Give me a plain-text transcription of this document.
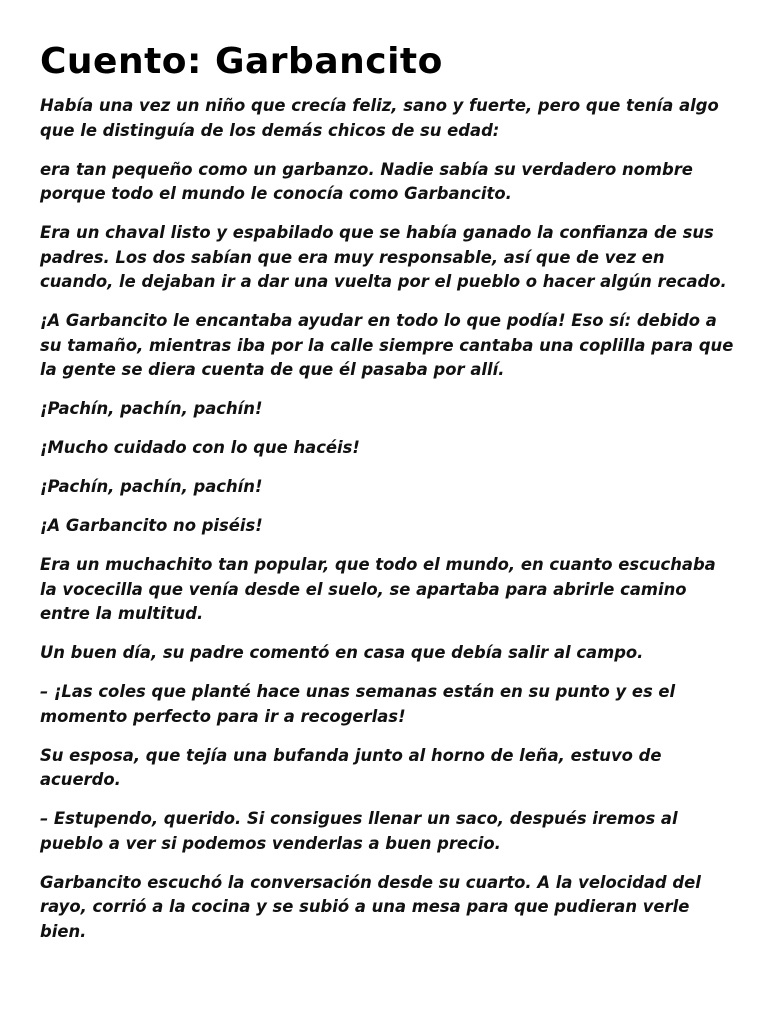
Cuento: Garbancito

Había una vez un niño que crecía feliz, sano y fuerte, pero que tenía algo que le distinguía de los demás chicos de su edad:

era tan pequeño como un garbanzo. Nadie sabía su verdadero nombre porque todo el mundo le conocía como Garbancito.

Era un chaval listo y espabilado que se había ganado la confianza de sus padres. Los dos sabían que era muy responsable, así que de vez en cuando, le dejaban ir a dar una vuelta por el pueblo o hacer algún recado.

¡A Garbancito le encantaba ayudar en todo lo que podía! Eso sí: debido a su tamaño, mientras iba por la calle siempre cantaba una coplilla para que la gente se diera cuenta de que él pasaba por allí.

¡Pachín, pachín, pachín!

¡Mucho cuidado con lo que hacéis!

¡Pachín, pachín, pachín!

¡A Garbancito no piséis!

Era un muchachito tan popular, que todo el mundo, en cuanto escuchaba la vocecilla que venía desde el suelo, se apartaba para abrirle camino entre la multitud.

Un buen día, su padre comentó en casa que debía salir al campo.

– ¡Las coles que planté hace unas semanas están en su punto y es el momento perfecto para ir a recogerlas!

Su esposa, que tejía una bufanda junto al horno de leña, estuvo de acuerdo.

– Estupendo, querido. Si consigues llenar un saco, después iremos al pueblo a ver si podemos venderlas a buen precio.

Garbancito escuchó la conversación desde su cuarto. A la velocidad del rayo, corrió a la cocina y se subió a una mesa para que pudieran verle bien.
